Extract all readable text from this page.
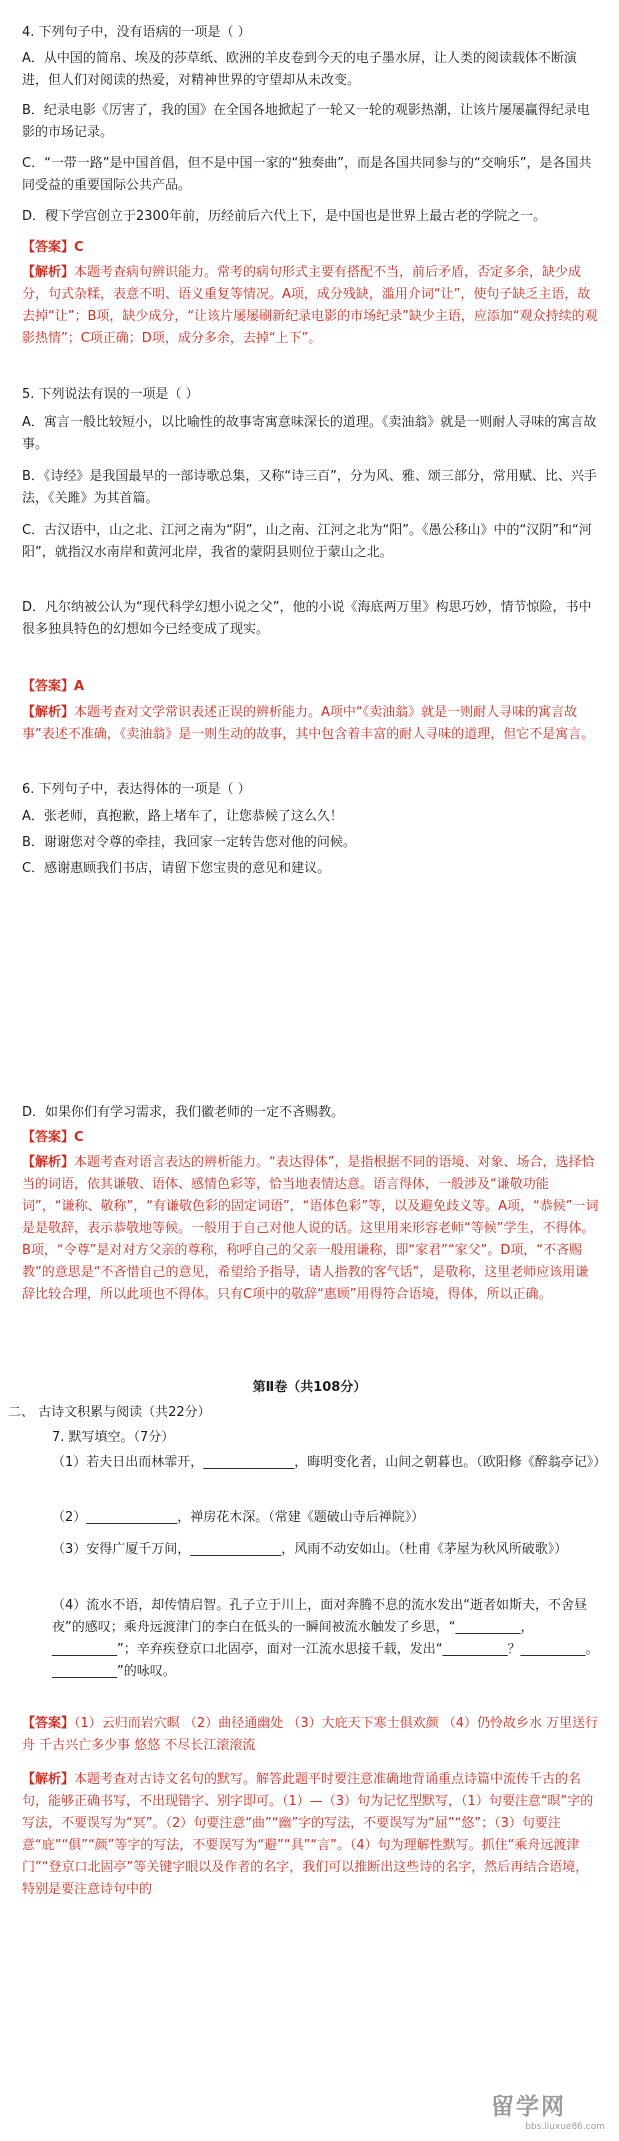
4. 下列句子中，没有语病的一项是（ ）

A．从中国的简帛、埃及的莎草纸、欧洲的羊皮卷到今天的电子墨水屏，让人类的阅读载体不断演进，但人们对阅读的热爱，对精神世界的守望却从未改变。

B．纪录电影《厉害了，我的国》在全国各地掀起了一轮又一轮的观影热潮，让该片屡屡赢得纪录电影的市场记录。

C．“一带一路”是中国首倡，但不是中国一家的“独奏曲”，而是各国共同参与的“交响乐”，是各国共同受益的重要国际公共产品。

D．稷下学宫创立于2300年前，历经前后六代上下，是中国也是世界上最古老的学院之一。

【答案】C

【解析】本题考查病句辨识能力。常考的病句形式主要有搭配不当，前后矛盾，否定多余，缺少成分，句式杂糅，表意不明、语义重复等情况。A项，成分残缺，滥用介词“让”，使句子缺乏主语，故去掉“让”；B项，缺少成分，“让该片屡屡刷新纪录电影的市场纪录”缺少主语，应添加“观众持续的观影热情”；C项正确；D项，成分多余，去掉“上下”。

5. 下列说法有误的一项是（ ）

A．寓言一般比较短小，以比喻性的故事寄寓意味深长的道理。《卖油翁》就是一则耐人寻味的寓言故事。

B．《诗经》是我国最早的一部诗歌总集，又称“诗三百”，分为风、雅、颂三部分，常用赋、比、兴手法，《关雎》为其首篇。

C．古汉语中，山之北、江河之南为“阴”，山之南、江河之北为“阳”。《愚公移山》中的“汉阴”和“河阳”，就指汉水南岸和黄河北岸，我省的蒙阴县则位于蒙山之北。

D．凡尔纳被公认为“现代科学幻想小说之父”，他的小说《海底两万里》构思巧妙，情节惊险，书中很多独具特色的幻想如今已经变成了现实。

【答案】A

【解析】本题考查对文学常识表述正误的辨析能力。A项中“《卖油翁》就是一则耐人寻味的寓言故事”表述不准确，《卖油翁》是一则生动的故事，其中包含着丰富的耐人寻味的道理，但它不是寓言。

6. 下列句子中，表达得体的一项是（ ）

A．张老师，真抱歉，路上堵车了，让您恭候了这么久！

B．谢谢您对令尊的牵挂，我回家一定转告您对他的问候。

C．感谢惠顾我们书店，请留下您宝贵的意见和建议。

D．如果你们有学习需求，我们徽老师的一定不吝赐教。

【答案】C

【解析】本题考查对语言表达的辨析能力。“表达得体”，是指根据不同的语境、对象、场合，选择恰当的词语，依其谦敬、语体、感情色彩等，恰当地表情达意。语言得体，一般涉及“谦敬功能词”，“谦称、敬称”，“有谦敬色彩的固定词语”，“语体色彩”等，以及避免歧义等。A项，“恭候”一词是是敬辞，表示恭敬地等候。一般用于自己对他人说的话。这里用来形容老师“等候”学生，不得体。B项，“令尊”是对对方父亲的尊称，称呼自己的父亲一般用谦称，即“家君”“家父”。D项，“不吝赐教”的意思是“不吝惜自己的意见，希望给予指导，请人指教的客气话”，是敬称，这里老师应该用谦辞比较合理，所以此项也不得体。只有C项中的敬辞“惠顾”用得符合语境，得体，所以正确。

第Ⅱ卷（共108分）

二、 古诗文积累与阅读（共22分）

7. 默写填空。（7分）

（1）若夫日出而林霏开，______________，晦明变化者，山间之朝暮也。（欧阳修《醉翁亭记》）

（2）______________，禅房花木深。（常建《题破山寺后禅院》）

（3）安得广厦千万间，______________，风雨不动安如山。（杜甫《茅屋为秋风所破歌》）

（4）流水不语，却传情启智。孔子立于川上，面对奔腾不息的流水发出“逝者如斯夫，不舍昼夜”的感叹；乘舟远渡津门的李白在低头的一瞬间被流水触发了乡思，“__________，__________”；辛弃疾登京口北固亭，面对一江流水思接千载，发出“__________？__________。__________”的咏叹。

【答案】（1）云归而岩穴暝 （2）曲径通幽处 （3）大庇天下寒士俱欢颜 （4）仍怜故乡水 万里送行舟 千古兴亡多少事 悠悠 不尽长江滚滚流

【解析】本题考查对古诗文名句的默写。解答此题平时要注意准确地背诵重点诗篇中流传千古的名句，能够正确书写，不出现错字、别字即可。（1）—（3）句为记忆型默写，（1）句要注意“暝”字的写法，不要误写为“冥”。（2）句要注意“曲”“幽”字的写法，不要误写为“屈”“悠”；（3）句要注意“庇”“俱”“颜”等字的写法，不要误写为“避”“具”“言”。（4）句为理解性默写。抓住“乘舟远渡津门”“登京口北固亭”等关键字眼以及作者的名字，我们可以推断出这些诗的名字，然后再结合语境，特别是要注意诗句中的

留学网
bbs.liuxue86.com
